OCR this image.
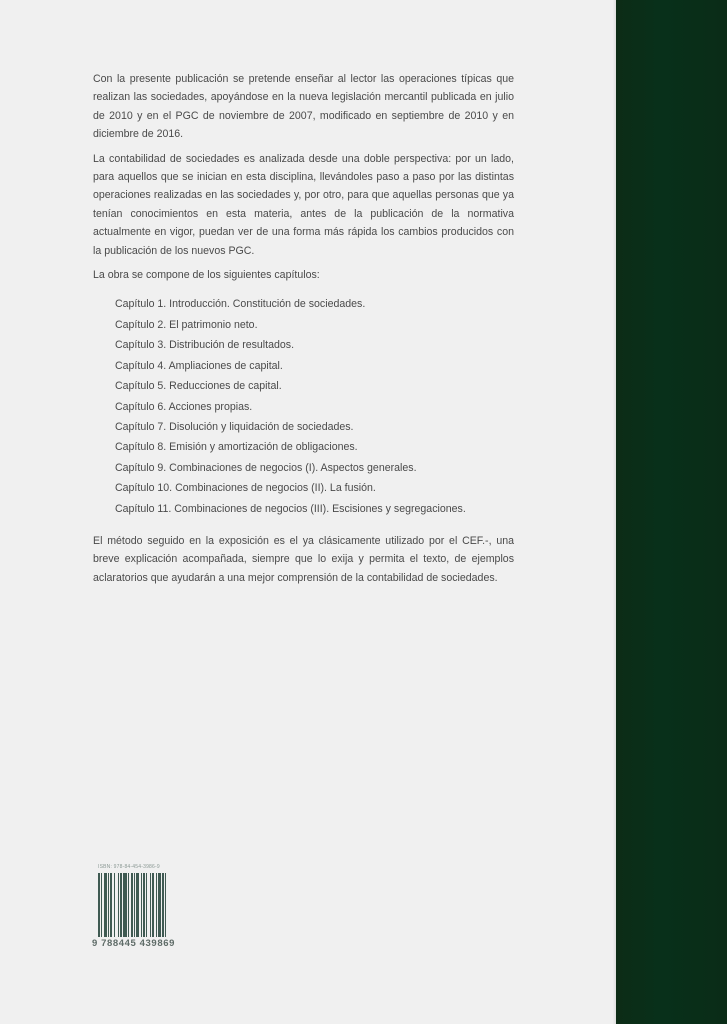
Con la presente publicación se pretende enseñar al lector las operaciones típicas que realizan las sociedades, apoyándose en la nueva legislación mercantil publicada en julio de 2010 y en el PGC de noviembre de 2007, modificado en septiembre de 2010 y en diciembre de 2016.

La contabilidad de sociedades es analizada desde una doble perspectiva: por un lado, para aquellos que se inician en esta disciplina, llevándoles paso a paso por las distintas operaciones realizadas en las sociedades y, por otro, para que aquellas personas que ya tenían conocimientos en esta materia, antes de la publicación de la normativa actualmente en vigor, puedan ver de una forma más rápida los cambios producidos con la publicación de los nuevos PGC.

La obra se compone de los siguientes capítulos:

Capítulo 1. Introducción. Constitución de sociedades.
Capítulo 2. El patrimonio neto.
Capítulo 3. Distribución de resultados.
Capítulo 4. Ampliaciones de capital.
Capítulo 5. Reducciones de capital.
Capítulo 6. Acciones propias.
Capítulo 7. Disolución y liquidación de sociedades.
Capítulo 8. Emisión y amortización de obligaciones.
Capítulo 9. Combinaciones de negocios (I). Aspectos generales.
Capítulo 10. Combinaciones de negocios (II). La fusión.
Capítulo 11. Combinaciones de negocios (III). Escisiones y segregaciones.

El método seguido en la exposición es el ya clásicamente utilizado por el CEF.-, una breve explicación acompañada, siempre que lo exija y permita el texto, de ejemplos aclaratorios que ayudarán a una mejor comprensión de la contabilidad de sociedades.

ISBN: 978-84-454-3986-9
9 788445 439869
